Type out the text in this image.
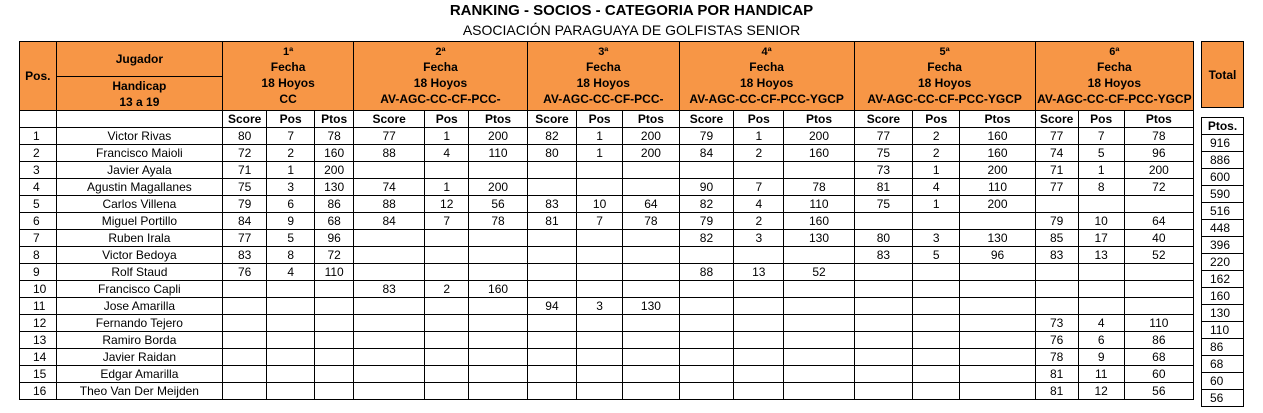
RANKING - SOCIOS - CATEGORIA POR HANDICAP
ASOCIACIÓN PARAGUAYA DE GOLFISTAS SENIOR
Pos.	Jugador	1ª
Fecha
18 Hoyos
CC			2ª
Fecha
18 Hoyos
AV-AGC-CC-CF-PCC-			3ª
Fecha
18 Hoyos
AV-AGC-CC-CF-PCC-			4ª
Fecha
18 Hoyos
AV-AGC-CC-CF-PCC-YGCP			5ª
Fecha
18 Hoyos
AV-AGC-CC-CF-PCC-YGCP			6ª
Fecha
18 Hoyos
AV-AGC-CC-CF-PCC-YGCP		

	Handicap
13 a 19																		

		Score	Pos	Ptos	Score	Pos	Ptos	Score	Pos	Ptos	Score	Pos	Ptos	Score	Pos	Ptos	Score	Pos	Ptos
1	Victor Rivas	80	7	78	77	1	200	82	1	200	79	1	200	77	2	160	77	7	78
2	Francisco Maioli	72	2	160	88	4	110	80	1	200	84	2	160	75	2	160	74	5	96
3	Javier Ayala	71	1	200										73	1	200	71	1	200
4	Agustin Magallanes	75	3	130	74	1	200				90	7	78	81	4	110	77	8	72
5	Carlos Villena	79	6	86	88	12	56	83	10	64	82	4	110	75	1	200			
6	Miguel Portillo	84	9	68	84	7	78	81	7	78	79	2	160				79	10	64
7	Ruben Irala	77	5	96							82	3	130	80	3	130	85	17	40
8	Victor Bedoya	83	8	72										83	5	96	83	13	52
9	Rolf Staud	76	4	110							88	13	52						
10	Francisco Capli				83	2	160												
11	Jose Amarilla							94	3	130									
12	Fernando Tejero																73	4	110
13	Ramiro Borda																76	6	86
14	Javier Raidan																78	9	68
15	Edgar Amarilla																81	11	60
16	Theo Van Der Meijden																81	12	56
Total

Ptos.
916
886
600
590
516
448
396
220
162
160
130
110
86
68
60
56
